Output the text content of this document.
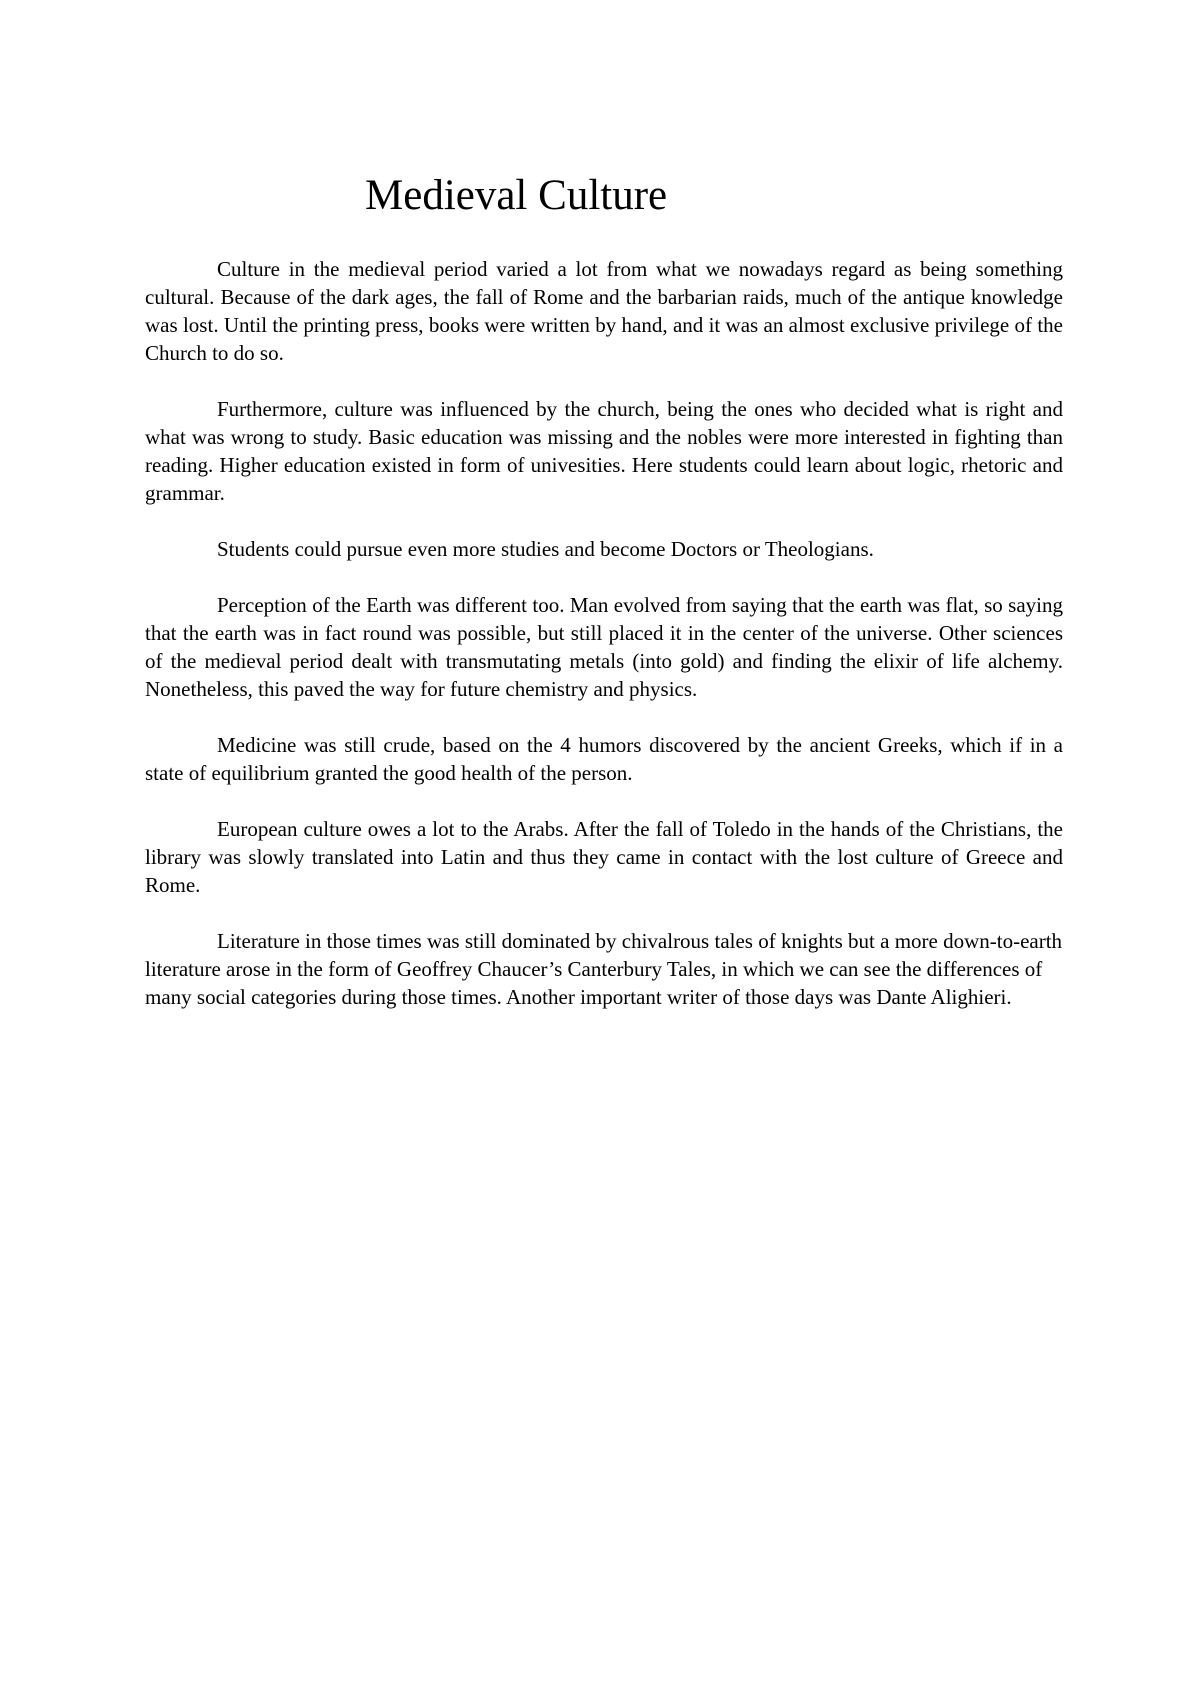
Medieval Culture

Culture in the medieval period varied a lot from what we nowadays regard as being something cultural. Because of the dark ages, the fall of Rome and the barbarian raids, much of the antique knowledge was lost. Until the printing press, books were written by hand, and it was an almost exclusive privilege of the Church to do so.

Furthermore, culture was influenced by the church, being the ones who decided what is right and what was wrong to study. Basic education was missing and the nobles were more interested in fighting than reading. Higher education existed in form of univesities. Here students could learn about logic, rhetoric and grammar.

Students could pursue even more studies and become Doctors or Theologians.

Perception of the Earth was different too. Man evolved from saying that the earth was flat, so saying that the earth was in fact round was possible, but still placed it in the center of the universe. Other sciences of the medieval period dealt with transmutating metals (into gold) and finding the elixir of life alchemy. Nonetheless, this paved the way for future chemistry and physics.

Medicine was still crude, based on the 4 humors discovered by the ancient Greeks, which if in a state of equilibrium granted the good health of the person.

European culture owes a lot to the Arabs. After the fall of Toledo in the hands of the Christians, the library was slowly translated into Latin and thus they came in contact with the lost culture of Greece and Rome.

Literature in those times was still dominated by chivalrous tales of knights but a more down-to-earth literature arose in the form of Geoffrey Chaucer’s Canterbury Tales, in which we can see the differences of many social categories during those times. Another important writer of those days was Dante Alighieri.
